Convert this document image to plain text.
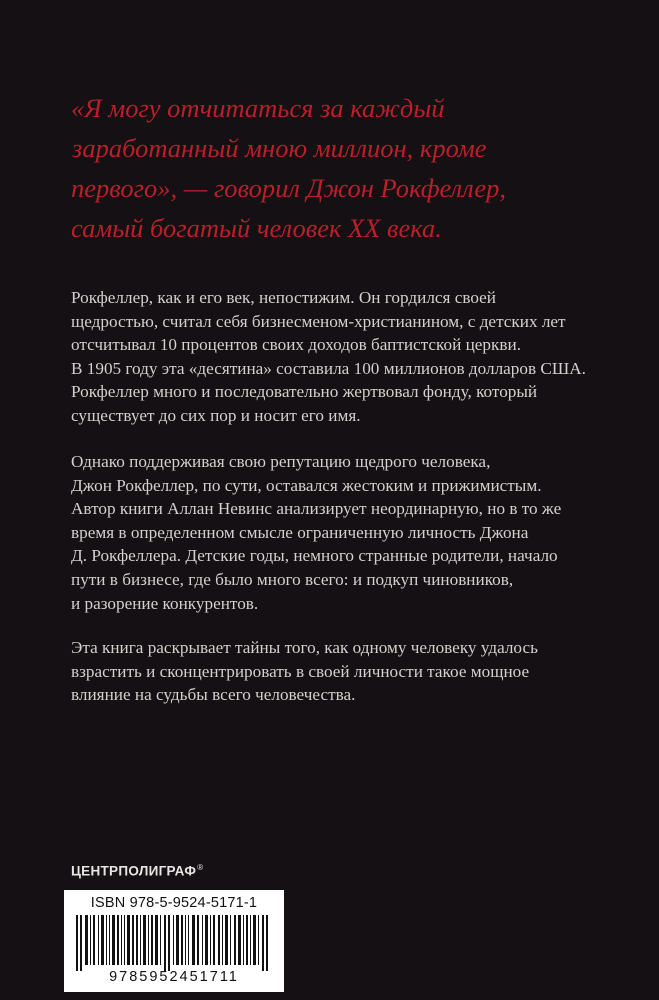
«Я могу отчитаться за каждый
заработанный мною миллион, кроме
первого», — говорил Джон Рокфеллер,
самый богатый человек XX века.
Рокфеллер, как и его век, непостижим. Он гордился своей
щедростью, считал себя бизнесменом-христианином, с детских лет
отсчитывал 10 процентов своих доходов баптистской церкви.
В 1905 году эта «десятина» составила 100 миллионов долларов США.
Рокфеллер много и последовательно жертвовал фонду, который
существует до сих пор и носит его имя.
Однако поддерживая свою репутацию щедрого человека,
Джон Рокфеллер, по сути, оставался жестоким и прижимистым.
Автор книги Аллан Невинс анализирует неординарную, но в то же
время в определенном смысле ограниченную личность Джона
Д. Рокфеллера. Детские годы, немного странные родители, начало
пути в бизнесе, где было много всего: и подкуп чиновников,
и разорение конкурентов.
Эта книга раскрывает тайны того, как одному человеку удалось
взрастить и сконцентрировать в своей личности такое мощное
влияние на судьбы всего человечества.
ЦЕНТРПОЛИГРАФ®
ISBN 978-5-9524-5171-1
9785952451711
